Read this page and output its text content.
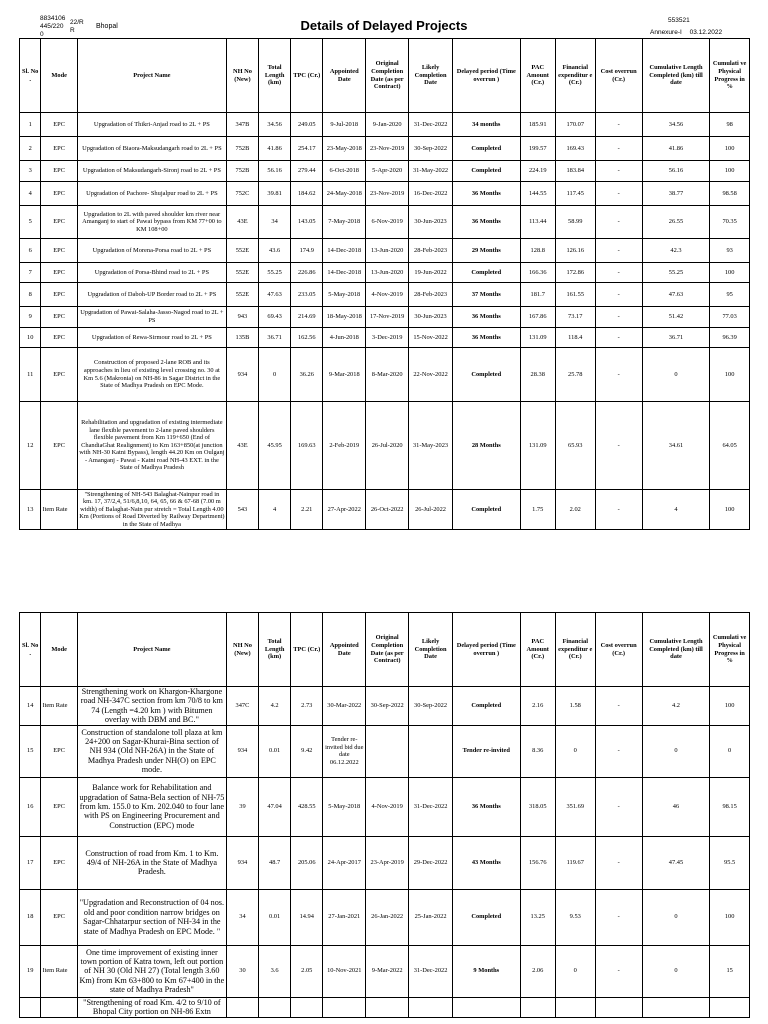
8834106
445/220
0
22/R
R
Bhopal	Details of Delayed Projects	553521
Annexure-I 03.12.2022
Sl. No .	Mode	Project Name	NH No (New)	Total Length (km)	TPC (Cr.)	Appointed Date	Original Completion Date (as per Contract)	Likely Completion Date	Delayed period (Time overrun )	PAC Amount (Cr.)	Financial expenditur e (Cr.)	Cost overrun (Cr.)	Cumulative Length Completed (km) till date	Cumulati ve Physical Progress in %
1	EPC	Upgradation of Thikri-Anjad road to 2L + PS	347B	34.56	249.05	9-Jul-2018	9-Jan-2020	31-Dec-2022	34 months	185.91	170.07	-	34.56	98
2	EPC	Upgradation of Biaora-Maksudangarh road to 2L + PS	752B	41.86	254.17	23-May-2018	23-Nov-2019	30-Sep-2022	Completed	199.57	169.43	-	41.86	100
3	EPC	Upgradation of Maksudangarh-Sironj road to 2L + PS	752B	56.16	279.44	6-Oct-2018	5-Apr-2020	31-May-2022	Completed	224.19	183.84	-	56.16	100
4	EPC	Upgradation of Pachore- Shujalpur road to 2L + PS	752C	39.81	184.62	24-May-2018	23-Nov-2019	16-Dec-2022	36 Months	144.55	117.45	-	38.77	98.58
5	EPC	Upgradation to 2L with paved shoulder km river near Amanganj to start of Pawai bypass from KM 77+00 to KM 108+00	43E	34	143.05	7-May-2018	6-Nov-2019	30-Jun-2023	36 Months	113.44	58.99	-	26.55	70.35
6	EPC	Upgradation of Morena-Porsa road to 2L + PS	552E	43.6	174.9	14-Dec-2018	13-Jun-2020	28-Feb-2023	29 Months	128.8	126.16	-	42.3	93
7	EPC	Upgradation of Porsa-Bhind road to 2L + PS	552E	55.25	226.86	14-Dec-2018	13-Jun-2020	19-Jun-2022	Completed	166.36	172.86	-	55.25	100
8	EPC	Upgradation of Daboh-UP Border road to 2L + PS	552E	47.63	233.05	5-May-2018	4-Nov-2019	28-Feb-2023	37 Months	181.7	161.55	-	47.63	95
9	EPC	Upgradation of Pawai-Salaha-Jasso-Nagod road to 2L + PS	943	69.43	214.69	18-May-2018	17-Nov-2019	30-Jun-2023	36 Months	167.86	73.17	-	51.42	77.03
10	EPC	Upgradation of Rewa-Sirmour road to 2L + PS	135B	36.71	162.56	4-Jun-2018	3-Dec-2019	15-Nov-2022	36 Months	131.09	118.4	-	36.71	96.39
11	EPC	Construction of proposed 2-lane ROB and its approaches in lieu of existing level crossing no. 30 at Km 5.6 (Makronia) on NH-86 in Sagar District in the State of Madhya Pradesh on EPC Mode.	934	0	36.26	9-Mar-2018	8-Mar-2020	22-Nov-2022	Completed	28.38	25.78	-	0	100
12	EPC	Rehabilitation and upgradation of existing intermediate lane flexible pavement to 2-lane paved shoulders flexible pavement from Km 119+650 (End of ChandiaGhat Realignment) to Km 163+850(at junction with NH-30 Katni Bypass), length 44.20 Km on Oulganj - Amanganj - Pawai - Katni road NH-43 EXT. in the State of Madhya Pradesh	43E	45.95	169.63	2-Feb-2019	26-Jul-2020	31-May-2023	28 Months	131.09	65.93	-	34.61	64.05
13	Item Rate	"Strengthening of NH-543 Balaghat-Nainpur road in km. 17, 37/2,4, 51/6,8,10, 64, 65, 66 & 67-68 (7.00 m width) of Balaghat-Nain pur stretch = Total Length 4.00 Km (Portions of Road Diverted by Railway Department) in the State of Madhya	543	4	2.21	27-Apr-2022	26-Oct-2022	26-Jul-2022	Completed	1.75	2.02	-	4	100
Sl. No .	Mode	Project Name	NH No (New)	Total Length (km)	TPC (Cr.)	Appointed Date	Original Completion Date (as per Contract)	Likely Completion Date	Delayed period (Time overrun )	PAC Amount (Cr.)	Financial expenditur e (Cr.)	Cost overrun (Cr.)	Cumulative Length Completed (km) till date	Cumulati ve Physical Progress in %
14	Item Rate	Strengthening work on Khargon-Khargone road NH-347C section from km 70/8 to km 74 (Length =4.20 km ) with Bitumen overlay with DBM and BC."	347C	4.2	2.73	30-Mar-2022	30-Sep-2022	30-Sep-2022	Completed	2.16	1.58	-	4.2	100
15	EPC	Construction of standalone toll plaza at km 24+200 on Sagar-Khurai-Bina section of NH 934 (Old NH-26A) in the State of Madhya Pradesh under NH(O) on EPC mode.	934	0.01	9.42	Tender re-invited bid due date 06.12.2022			Tender re-invited	8.36	0	-	0	0
16	EPC	Balance work for Rehabilitation and upgradation of Satna-Bela section of NH-75 from km. 155.0 to Km. 202.040 to four lane with PS on Engineering Procurement and Construction (EPC) mode	39	47.04	428.55	5-May-2018	4-Nov-2019	31-Dec-2022	36 Months	318.05	351.69	-	46	98.15
17	EPC	Construction of road from Km. 1 to Km. 49/4 of NH-26A in the State of Madhya Pradesh.	934	48.7	205.06	24-Apr-2017	23-Apr-2019	29-Dec-2022	43 Months	156.76	119.67	-	47.45	95.5
18	EPC	"Upgradation and Reconstruction of 04 nos. old and poor condition narrow bridges on Sagar-Chhatarpur section of NH-34 in the state of Madhya Pradesh on EPC Mode. "	34	0.01	14.94	27-Jan-2021	26-Jan-2022	25-Jan-2022	Completed	13.25	9.53	-	0	100
19	Item Rate	One time improvement of existing inner town portion of Katra town, left out portion of NH 30 (Old NH 27) (Total length 3.60 Km) from Km 63+800 to Km 67+400 in the state of Madhya Pradesh"	30	3.6	2.05	10-Nov-2021	9-Mar-2022	31-Dec-2022	9 Months	2.06	0	-	0	15
		"Strengthening of road Km. 4/2 to 9/10 of Bhopal City portion on NH-86 Extn												
